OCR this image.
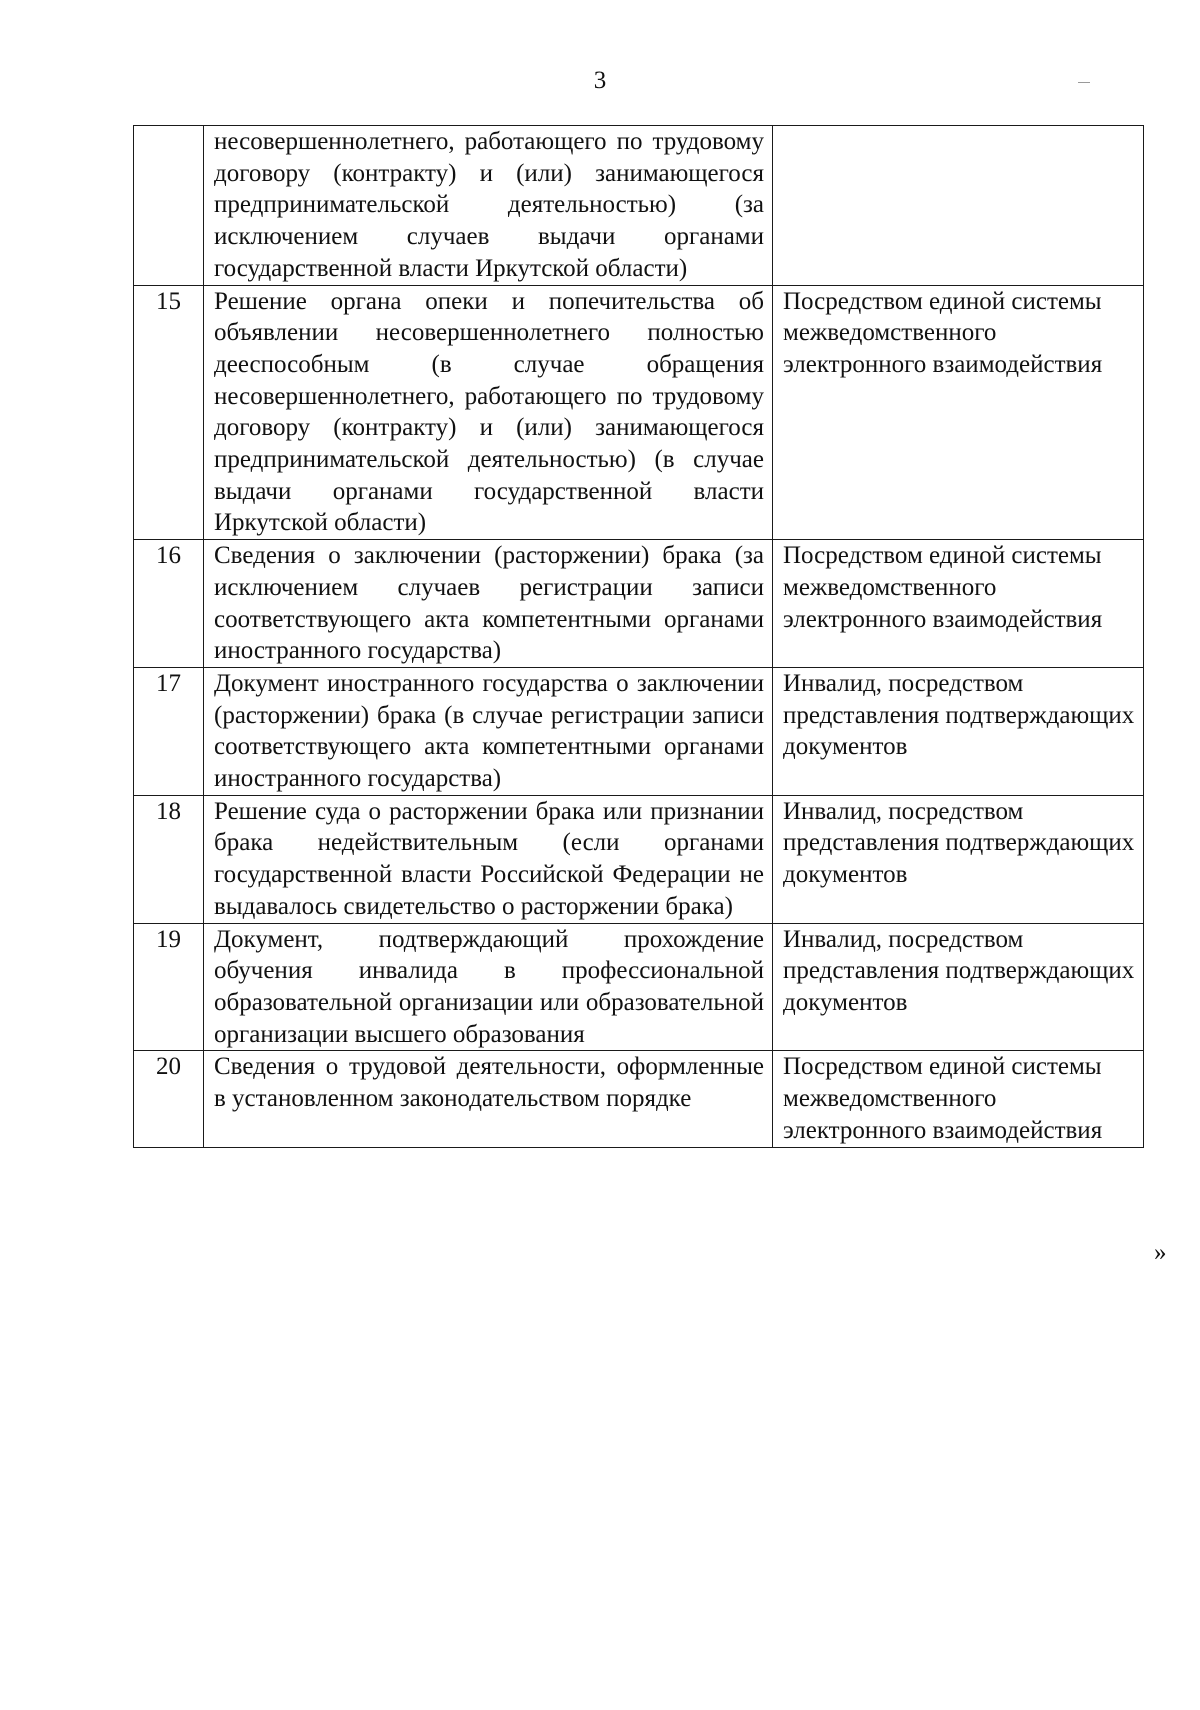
3
	несовершеннолетнего, работающего по трудовому договору (контракту) и (или) занимающегося предпринимательской деятельностью) (за исключением случаев выдачи органами государственной власти Иркутской области)	
15	Решение органа опеки и попечительства об объявлении несовершеннолетнего полностью дееспособным (в случае обращения несовершеннолетнего, работающего по трудовому договору (контракту) и (или) занимающегося предпринимательской деятельностью) (в случае выдачи органами государственной власти Иркутской области)	Посредством единой системы межведомственного электронного взаимодействия
16	Сведения о заключении (расторжении) брака (за исключением случаев регистрации записи соответствующего акта компетентными органами иностранного государства)	Посредством единой системы межведомственного электронного взаимодействия
17	Документ иностранного государства о заключении (расторжении) брака (в случае регистрации записи соответствующего акта компетентными органами иностранного государства)	Инвалид, посредством представления подтверждающих документов
18	Решение суда о расторжении брака или признании брака недействительным (если органами государственной власти Российской Федерации не выдавалось свидетельство о расторжении брака)	Инвалид, посредством представления подтверждающих документов
19	Документ, подтверждающий прохождение обучения инвалида в профессиональной образовательной организации или образовательной организации высшего образования	Инвалид, посредством представления подтверждающих документов
20	Сведения о трудовой деятельности, оформленные в установленном законодательством порядке	Посредством единой системы межведомственного электронного взаимодействия
»
